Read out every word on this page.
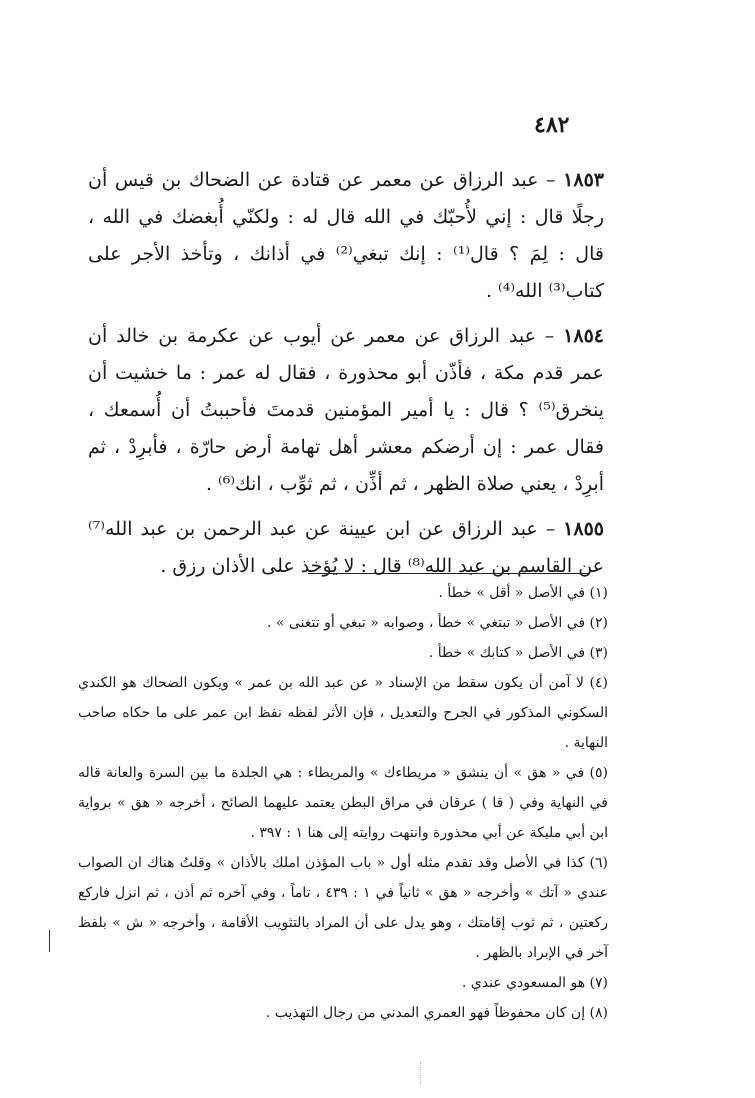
٤٨٢

١٨٥٣ – عبد الرزاق عن معمر عن قتادة عن الضحاك بن قيس أن رجلًا قال : إني لأُحبّك في الله قال له : ولكنّي أُبغضك في الله ، قال : لِمَ ؟ قال⁽¹⁾ : إنك تبغي⁽²⁾ في أذانك ، وتأخذ الأجر على كتاب⁽³⁾ الله⁽⁴⁾ .

١٨٥٤ – عبد الرزاق عن معمر عن أيوب عن عكرمة بن خالد أن عمر قدم مكة ، فأذّن أبو محذورة ، فقال له عمر : ما خشيت أن ينخرق⁽⁵⁾ ؟ قال : يا أمير المؤمنين قدمتَ فأحببتُ أن أُسمعك ، فقال عمر : إن أرضكم معشر أهل تهامة أرض حارّة ، فأبرِدْ ، ثم أبرِدْ ، يعني صلاة الظهر ، ثم أذِّن ، ثم ثوِّب ، انك⁽⁶⁾ .

١٨٥٥ – عبد الرزاق عن ابن عيينة عن عبد الرحمن بن عبد الله⁽⁷⁾ عن القاسم بن عبد الله⁽⁸⁾ قال : لا يُؤخذ على الأذان رزق .

(١) في الأصل « أقل » خطأ .

(٢) في الأصل « تبتغي » خطأ ، وصوابه « تبغي أو تتغنى » .

(٣) في الأصل « كتابك » خطأ .

(٤) لا آمن أن يكون سقط من الإسناد « عن عبد الله بن عمر » ويكون الضحاك هو الكندي السكوني المذكور في الجرح والتعديل ، فإن الأثر لفظه نفظ ابن عمر على ما حكاه صاحب النهاية .

(٥) في « هق » أن ينشق « مريطاءك » والمريطاء : هي الجلدة ما بين السرة والعانة قاله في النهاية وفي ( قا ) عرقان في مراق البطن يعتمد عليهما الصائح ، أخرجه « هق » برواية ابن أبي مليكة عن أبي محذورة وانتهت روايته إلى هنا ١ : ٣٩٧ .

(٦) كذا في الأصل وقد تقدم مثله أول « باب المؤذن املك بالأذان » وقلتُ هناك ان الصواب عندي « آتك » وأخرجه « هق » ثانياً في ١ : ٤٣٩ ، تاماً ، وفي آخره ثم أذن ، ثم انزل فاركع ركعتين ، ثم ثوب إقامتك ، وهو يدل على أن المراد بالتثويب الأقامة ، وأخرجه « ش » بلفظ آخر في الإبراد بالظهر .

(٧) هو المسعودي عندي .

(٨) إن كان محفوظاً فهو العمري المدني من رجال التهذيب .
